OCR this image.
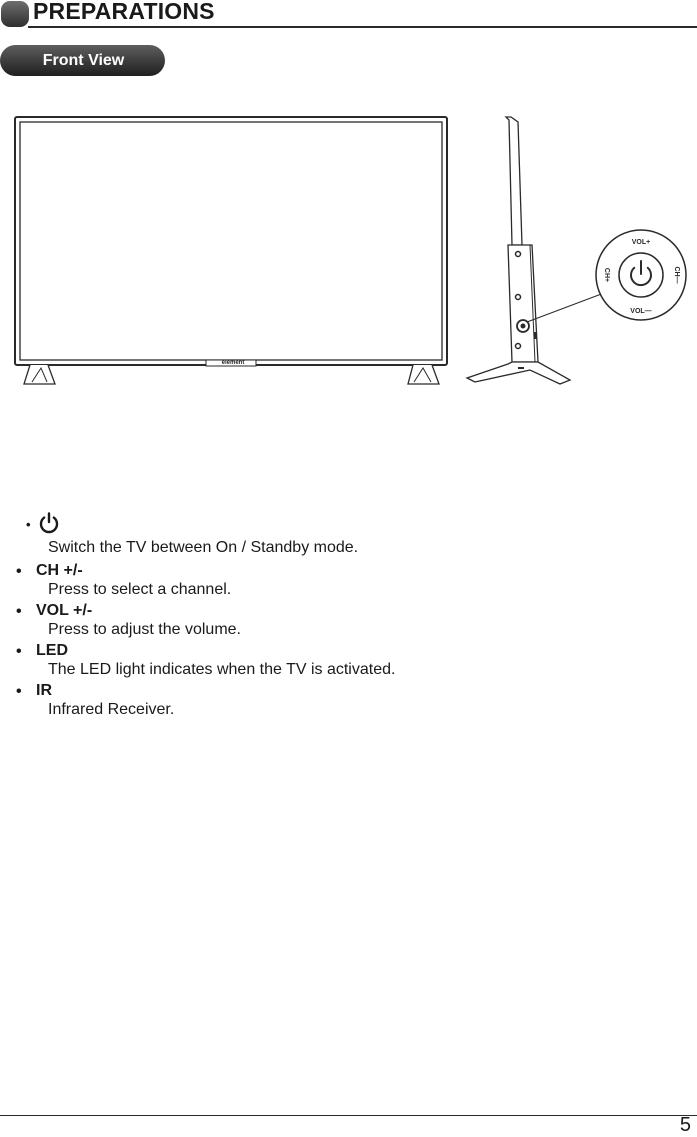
PREPARATIONS
Front View
element
VOL+
VOL—
CH+	CH—
•
Switch the TV between On / Standby mode.
• CH +/-
Press to select a channel.
• VOL +/-
Press to adjust the volume.
• LED
The LED light indicates when the TV is activated.
• IR
Infrared Receiver.
5
